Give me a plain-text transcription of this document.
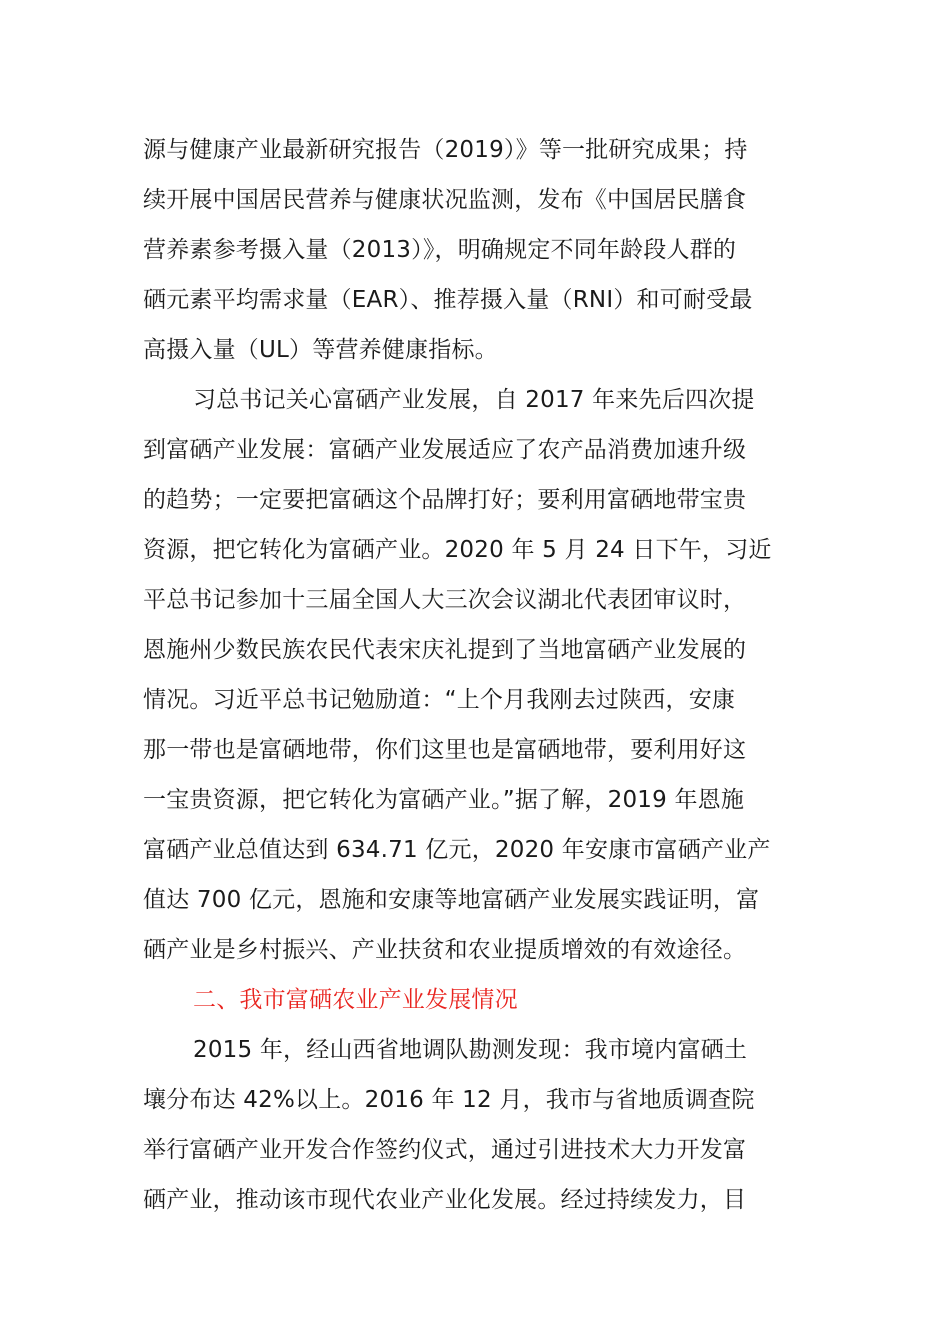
源与健康产业最新研究报告（2019）》等一批研究成果；持
续开展中国居民营养与健康状况监测，发布《中国居民膳食
营养素参考摄入量（2013）》，明确规定不同年龄段人群的
硒元素平均需求量（EAR）、推荐摄入量（RNI）和可耐受最
高摄入量（UL）等营养健康指标。
习总书记关心富硒产业发展，自 2017 年来先后四次提
到富硒产业发展：富硒产业发展适应了农产品消费加速升级
的趋势；一定要把富硒这个品牌打好；要利用富硒地带宝贵
资源，把它转化为富硒产业。2020 年 5 月 24 日下午，习近
平总书记参加十三届全国人大三次会议湖北代表团审议时，
恩施州少数民族农民代表宋庆礼提到了当地富硒产业发展的
情况。习近平总书记勉励道：“上个月我刚去过陕西，安康
那一带也是富硒地带，你们这里也是富硒地带，要利用好这
一宝贵资源，把它转化为富硒产业。”据了解，2019 年恩施
富硒产业总值达到 634.71 亿元，2020 年安康市富硒产业产
值达 700 亿元，恩施和安康等地富硒产业发展实践证明，富
硒产业是乡村振兴、产业扶贫和农业提质增效的有效途径。
二、我市富硒农业产业发展情况
2015 年，经山西省地调队勘测发现：我市境内富硒土
壤分布达 42%以上。2016 年 12 月，我市与省地质调查院
举行富硒产业开发合作签约仪式，通过引进技术大力开发富
硒产业，推动该市现代农业产业化发展。经过持续发力，目
